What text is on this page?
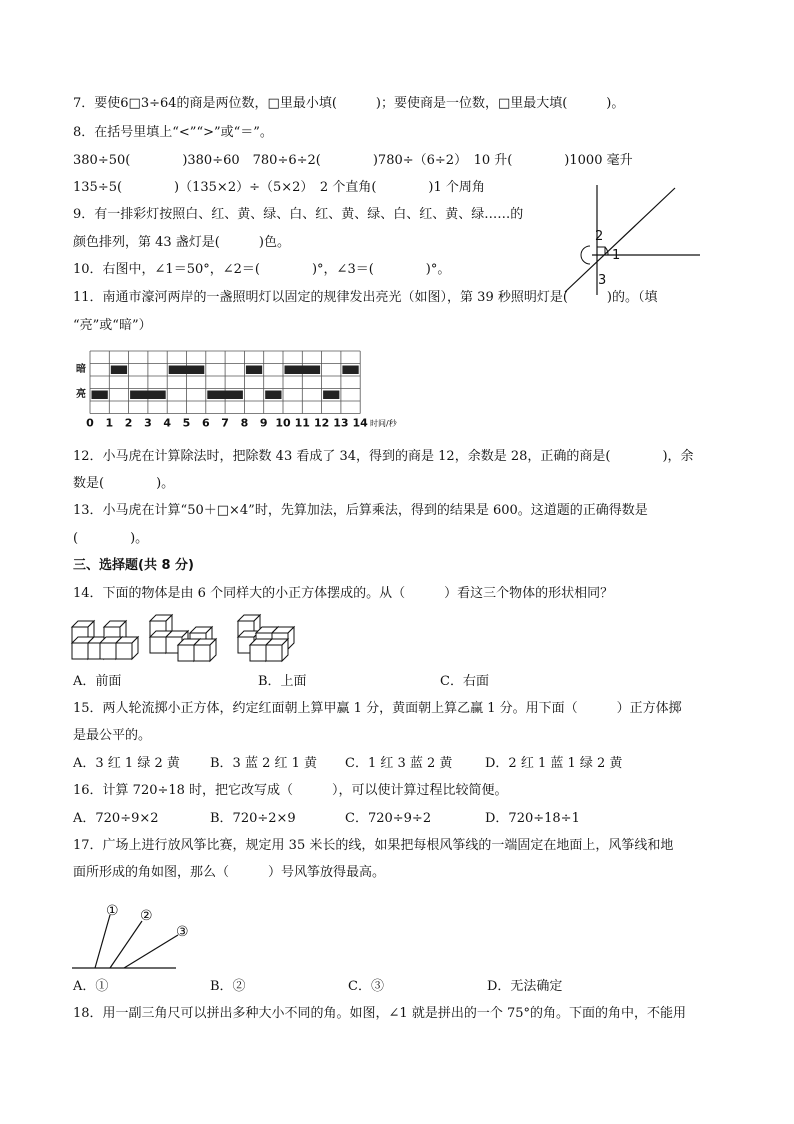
7．要使6□3÷64的商是两位数，□里最小填(　　　)；要使商是一位数，□里最大填(　　　)。
8．在括号里填上“<”“>”或“＝”。
380÷50(　　　　)380÷60　780÷6÷2(　　　　)780÷（6÷2）　10 升(　　　　)1000 毫升
135÷5(　　　　)（135×2）÷（5×2）　2 个直角(　　　　)1 个周角
9．有一排彩灯按照白、红、黄、绿、白、红、黄、绿、白、红、黄、绿……的
颜色排列，第 43 盏灯是(　　　)色。	2
1
3
10．右图中，∠1＝50°，∠2＝(　　　　)°，∠3＝(　　　　)°。
11．南通市濠河两岸的一盏照明灯以固定的规律发出亮光（如图），第 39 秒照明灯是(　　　)的。（填
“亮”或“暗”）
0 1 2 3 4 5 6 7 8 9 10 11 12 13 14
暗
亮
时间/秒
12．小马虎在计算除法时，把除数 43 看成了 34，得到的商是 12，余数是 28，正确的商是(　　　　)，余
数是(　　　　)。
13．小马虎在计算“50＋□×4”时，先算加法，后算乘法，得到的结果是 600。这道题的正确得数是
(　　　　)。
三、选择题(共 8 分)
14．下面的物体是由 6 个同样大的小正方体摆成的。从（　　　）看这三个物体的形状相同？
A．前面	B．上面	C．右面
15．两人轮流掷小正方体，约定红面朝上算甲赢 1 分，黄面朝上算乙赢 1 分。用下面（　　　）正方体掷
是最公平的。
A．3 红 1 绿 2 黄 B．3 蓝 2 红 1 黄 C．1 红 3 蓝 2 黄	D．2 红 1 蓝 1 绿 2 黄
16．计算 720÷18 时，把它改写成（　　　），可以使计算过程比较简便。
A．720÷9×2	B．720÷2×9	C．720÷9÷2	D．720÷18÷1
17．广场上进行放风筝比赛，规定用 35 米长的线，如果把每根风筝线的一端固定在地面上，风筝线和地
面所形成的角如图，那么（　　　）号风筝放得最高。
① ②
③
A．①	B．②	C．③	D．无法确定
18．用一副三角尺可以拼出多种大小不同的角。如图，∠1 就是拼出的一个 75°的角。下面的角中，不能用
